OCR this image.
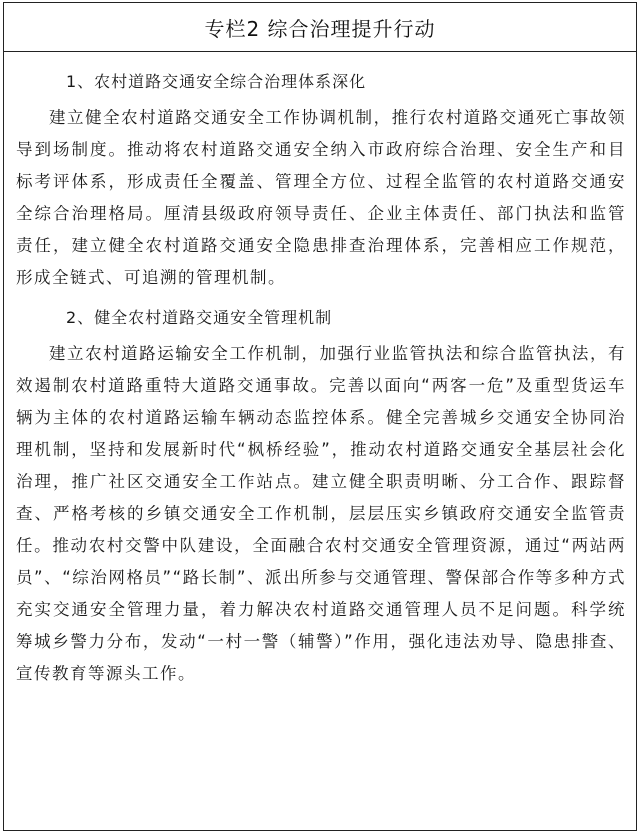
专栏2 综合治理提升行动

1、农村道路交通安全综合治理体系深化

建立健全农村道路交通安全工作协调机制，推行农村道路交通死亡事故领导到场制度。推动将农村道路交通安全纳入市政府综合治理、安全生产和目标考评体系，形成责任全覆盖、管理全方位、过程全监管的农村道路交通安全综合治理格局。厘清县级政府领导责任、企业主体责任、部门执法和监管责任，建立健全农村道路交通安全隐患排查治理体系，完善相应工作规范，形成全链式、可追溯的管理机制。

2、健全农村道路交通安全管理机制

建立农村道路运输安全工作机制，加强行业监管执法和综合监管执法，有效遏制农村道路重特大道路交通事故。完善以面向“两客一危”及重型货运车辆为主体的农村道路运输车辆动态监控体系。健全完善城乡交通安全协同治理机制，坚持和发展新时代“枫桥经验”，推动农村道路交通安全基层社会化治理，推广社区交通安全工作站点。建立健全职责明晰、分工合作、跟踪督查、严格考核的乡镇交通安全工作机制，层层压实乡镇政府交通安全监管责任。推动农村交警中队建设，全面融合农村交通安全管理资源，通过“两站两员”、“综治网格员”“路长制”、派出所参与交通管理、警保部合作等多种方式充实交通安全管理力量，着力解决农村道路交通管理人员不足问题。科学统筹城乡警力分布，发动“一村一警（辅警）”作用，强化违法劝导、隐患排查、宣传教育等源头工作。
